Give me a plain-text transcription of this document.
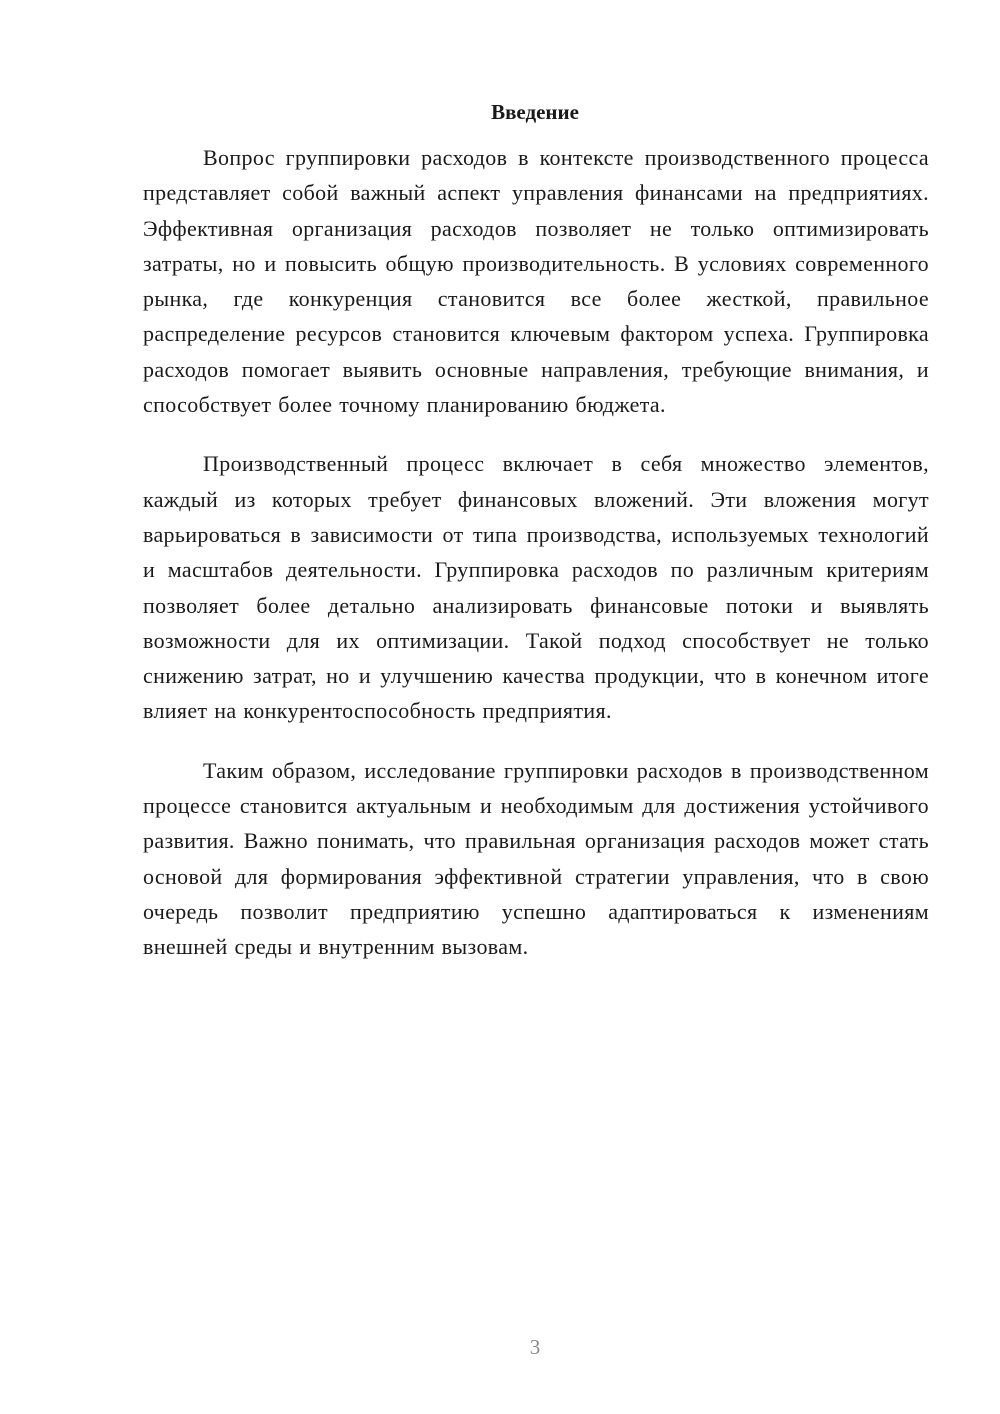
Введение

Вопрос группировки расходов в контексте производственного процесса представляет собой важный аспект управления финансами на предприятиях. Эффективная организация расходов позволяет не только оптимизировать затраты, но и повысить общую производительность. В условиях современного рынка, где конкуренция становится все более жесткой, правильное распределение ресурсов становится ключевым фактором успеха. Группировка расходов помогает выявить основные направления, требующие внимания, и способствует более точному планированию бюджета.

Производственный процесс включает в себя множество элементов, каждый из которых требует финансовых вложений. Эти вложения могут варьироваться в зависимости от типа производства, используемых технологий и масштабов деятельности. Группировка расходов по различным критериям позволяет более детально анализировать финансовые потоки и выявлять возможности для их оптимизации. Такой подход способствует не только снижению затрат, но и улучшению качества продукции, что в конечном итоге влияет на конкурентоспособность предприятия.

Таким образом, исследование группировки расходов в производственном процессе становится актуальным и необходимым для достижения устойчивого развития. Важно понимать, что правильная организация расходов может стать основой для формирования эффективной стратегии управления, что в свою очередь позволит предприятию успешно адаптироваться к изменениям внешней среды и внутренним вызовам.

3
